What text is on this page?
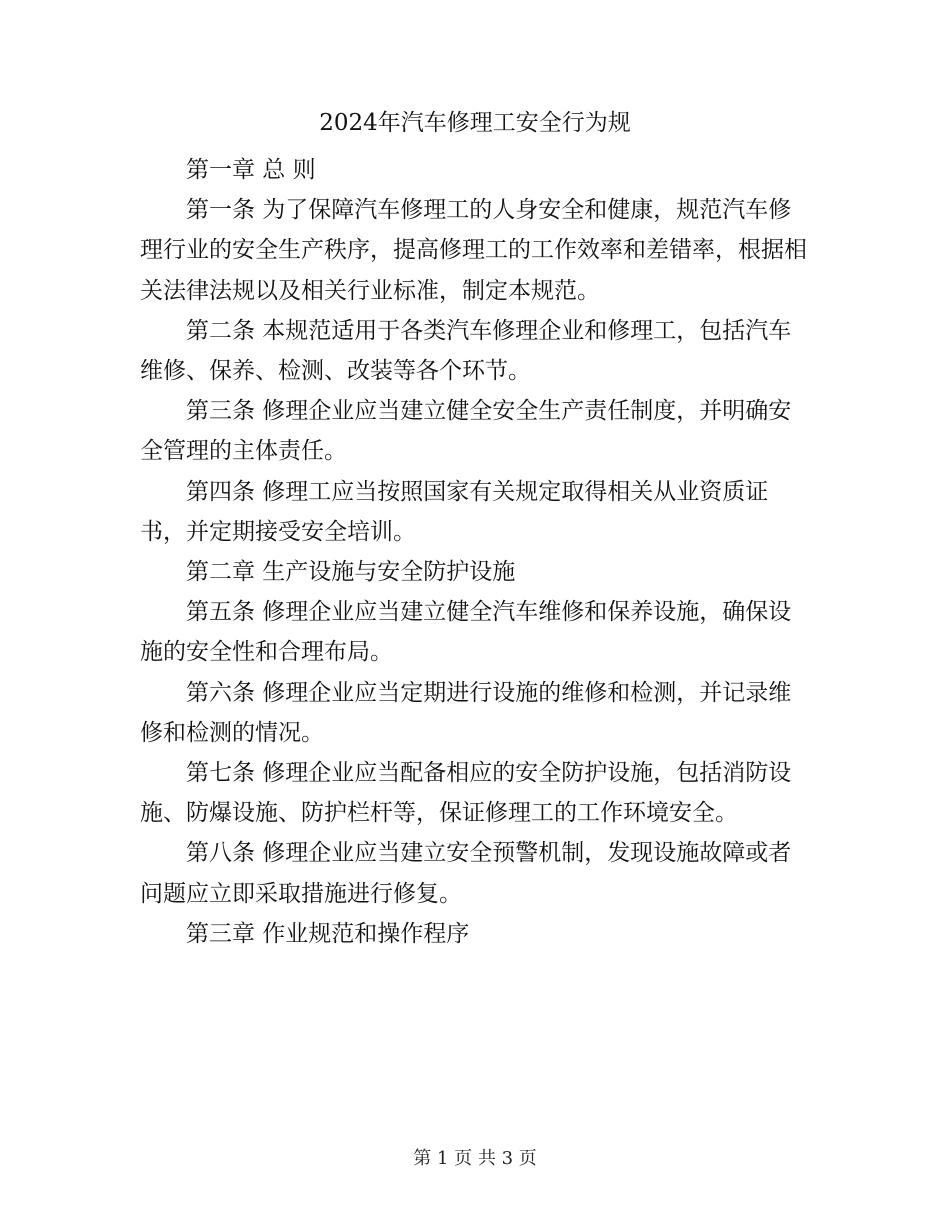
2024年汽车修理工安全行为规

第一章 总 则

第一条 为了保障汽车修理工的人身安全和健康，规范汽车修理行业的安全生产秩序，提高修理工的工作效率和差错率，根据相关法律法规以及相关行业标准，制定本规范。

第二条 本规范适用于各类汽车修理企业和修理工，包括汽车维修、保养、检测、改装等各个环节。

第三条 修理企业应当建立健全安全生产责任制度，并明确安全管理的主体责任。

第四条 修理工应当按照国家有关规定取得相关从业资质证书，并定期接受安全培训。

第二章 生产设施与安全防护设施

第五条 修理企业应当建立健全汽车维修和保养设施，确保设施的安全性和合理布局。

第六条 修理企业应当定期进行设施的维修和检测，并记录维修和检测的情况。

第七条 修理企业应当配备相应的安全防护设施，包括消防设施、防爆设施、防护栏杆等，保证修理工的工作环境安全。

第八条 修理企业应当建立安全预警机制，发现设施故障或者问题应立即采取措施进行修复。

第三章 作业规范和操作程序

第 1 页 共 3 页
